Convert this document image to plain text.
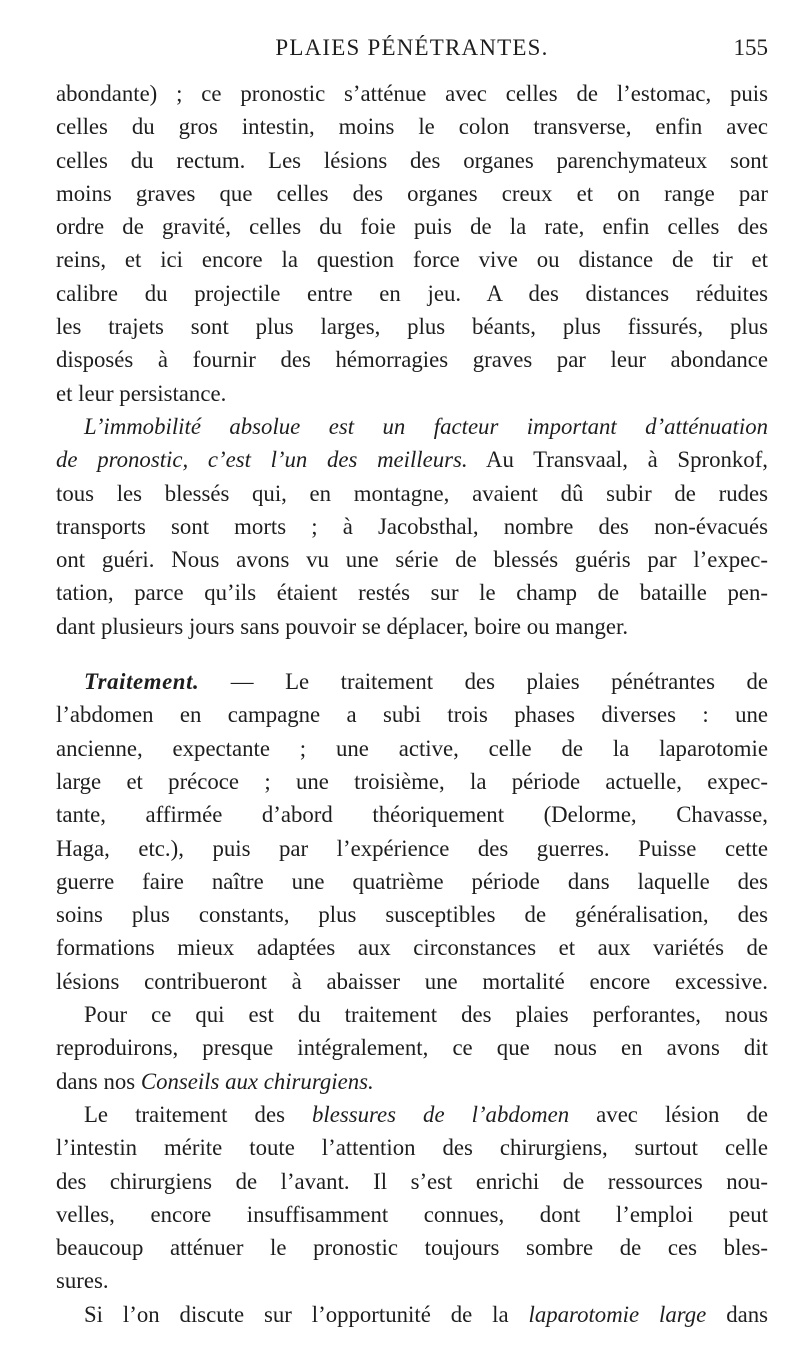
PLAIES PÉNÉTRANTES.	155
abondante) ; ce pronostic s’atténue avec celles de l’estomac, puis
celles du gros intestin, moins le colon transverse, enfin avec
celles du rectum. Les lésions des organes parenchymateux sont
moins graves que celles des organes creux et on range par
ordre de gravité, celles du foie puis de la rate, enfin celles des
reins, et ici encore la question force vive ou distance de tir et
calibre du projectile entre en jeu. A des distances réduites
les trajets sont plus larges, plus béants, plus fissurés, plus
disposés à fournir des hémorragies graves par leur abondance
et leur persistance.
L’immobilité absolue est un facteur important d’atténuation
de pronostic, c’est l’un des meilleurs. Au Transvaal, à Spronkof,
tous les blessés qui, en montagne, avaient dû subir de rudes
transports sont morts ; à Jacobsthal, nombre des non-évacués
ont guéri. Nous avons vu une série de blessés guéris par l’expec-
tation, parce qu’ils étaient restés sur le champ de bataille pen-
dant plusieurs jours sans pouvoir se déplacer, boire ou manger.
Traitement. — Le traitement des plaies pénétrantes de
l’abdomen en campagne a subi trois phases diverses : une
ancienne, expectante ; une active, celle de la laparotomie
large et précoce ; une troisième, la période actuelle, expec-
tante, affirmée d’abord théoriquement (Delorme, Chavasse,
Haga, etc.), puis par l’expérience des guerres. Puisse cette
guerre faire naître une quatrième période dans laquelle des
soins plus constants, plus susceptibles de généralisation, des
formations mieux adaptées aux circonstances et aux variétés de
lésions contribueront à abaisser une mortalité encore excessive.
Pour ce qui est du traitement des plaies perforantes, nous
reproduirons, presque intégralement, ce que nous en avons dit
dans nos Conseils aux chirurgiens.
Le traitement des blessures de l’abdomen avec lésion de
l’intestin mérite toute l’attention des chirurgiens, surtout celle
des chirurgiens de l’avant. Il s’est enrichi de ressources nou-
velles, encore insuffisamment connues, dont l’emploi peut
beaucoup atténuer le pronostic toujours sombre de ces bles-
sures.
Si l’on discute sur l’opportunité de la laparotomie large dans
